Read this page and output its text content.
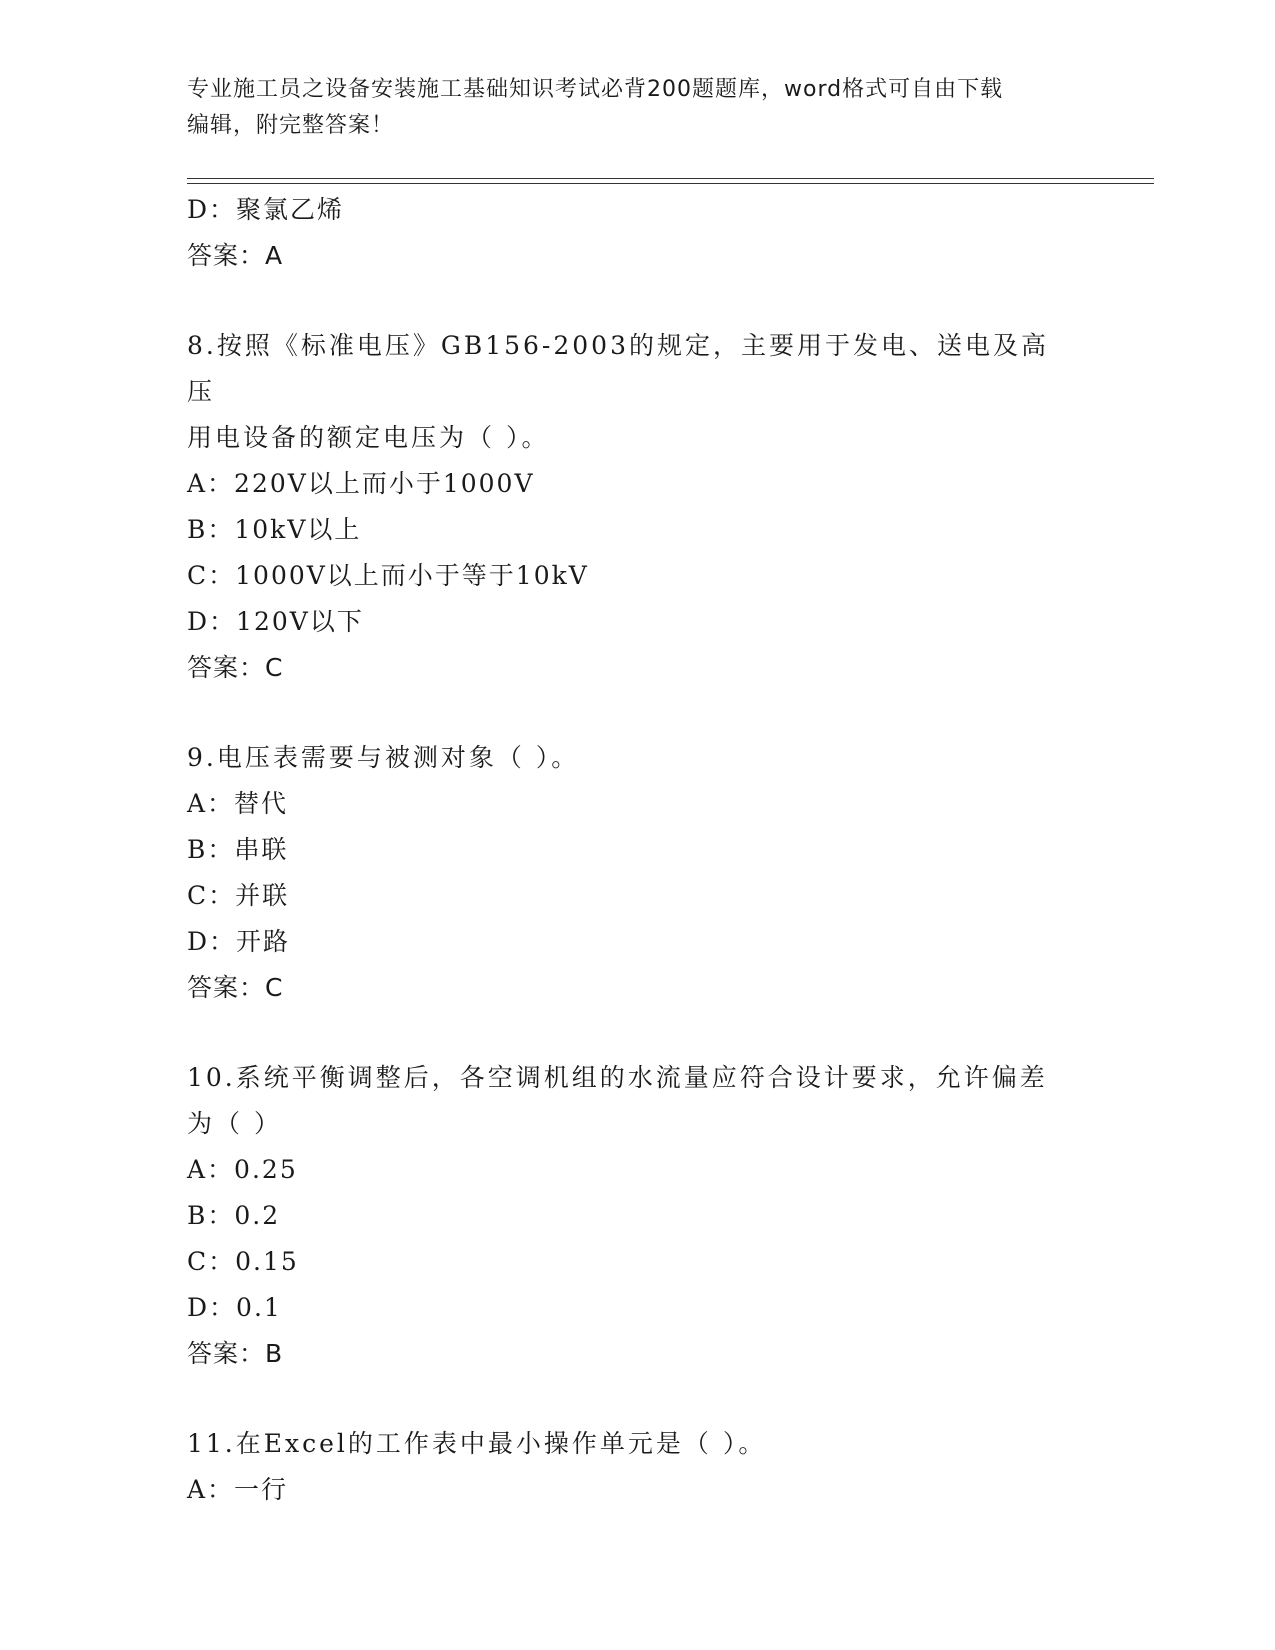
专业施工员之设备安装施工基础知识考试必背200题题库，word格式可自由下载
编辑，附完整答案！
D：聚氯乙烯
答案：A
8.按照《标准电压》GB156-2003的规定，主要用于发电、送电及高压
用电设备的额定电压为（ ）。
A：220V以上而小于1000V
B：10kV以上
C：1000V以上而小于等于10kV
D：120V以下
答案：C
9.电压表需要与被测对象（ ）。
A：替代
B：串联
C：并联
D：开路
答案：C
10.系统平衡调整后，各空调机组的水流量应符合设计要求，允许偏差
为（ ）
A：0.25
B：0.2
C：0.15
D：0.1
答案：B
11.在Excel的工作表中最小操作单元是（ ）。
A：一行
